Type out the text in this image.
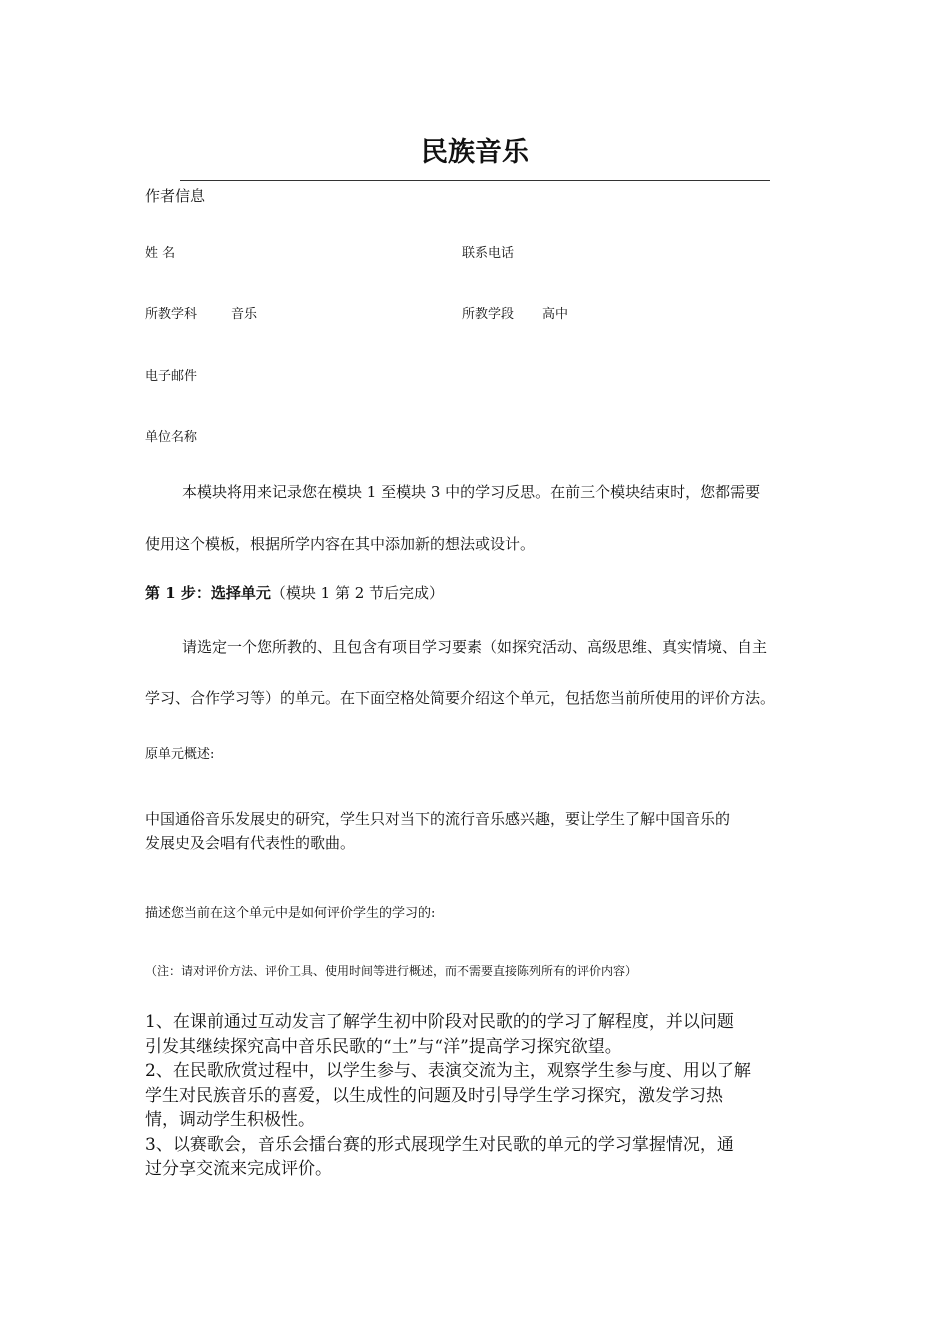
民族音乐
作者信息
姓 名	联系电话
所教学科	音乐	所教学段 高中
电子邮件
单位名称
本模块将用来记录您在模块 1 至模块 3 中的学习反思。在前三个模块结束时，您都需要
使用这个模板，根据所学内容在其中添加新的想法或设计。
第 1 步：选择单元（模块 1 第 2 节后完成）
请选定一个您所教的、且包含有项目学习要素（如探究活动、高级思维、真实情境、自主
学习、合作学习等）的单元。在下面空格处简要介绍这个单元，包括您当前所使用的评价方法。
原单元概述:
中国通俗音乐发展史的研究，学生只对当下的流行音乐感兴趣，要让学生了解中国音乐的
发展史及会唱有代表性的歌曲。
描述您当前在这个单元中是如何评价学生的学习的:
（注：请对评价方法、评价工具、使用时间等进行概述，而不需要直接陈列所有的评价内容）
1、在课前通过互动发言了解学生初中阶段对民歌的的学习了解程度，并以问题
引发其继续探究高中音乐民歌的“土”与“洋”提高学习探究欲望。
2、在民歌欣赏过程中，以学生参与、表演交流为主，观察学生参与度、用以了解
学生对民族音乐的喜爱，以生成性的问题及时引导学生学习探究，激发学习热
情，调动学生积极性。
3、以赛歌会，音乐会擂台赛的形式展现学生对民歌的单元的学习掌握情况，通
过分享交流来完成评价。
